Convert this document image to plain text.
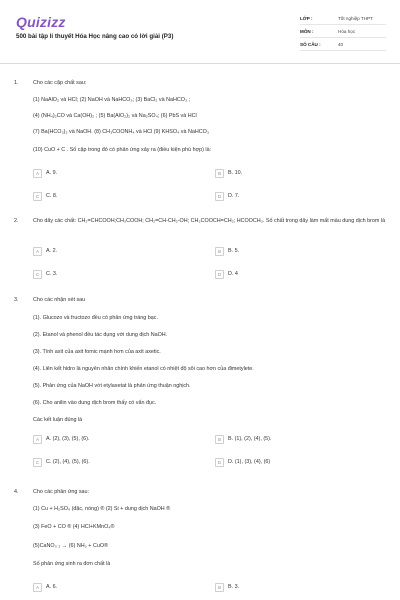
Quizizz
500 bài tập lí thuyết Hóa Học nâng cao có lời giải (P3)
LỚP :	Tốt nghiệp THPT
MÔN :	Hóa học
SỐ CÂU :	40
1.	Cho các cặp chất sau:
(1) NaAlO₂ và HCl; (2) NaOH và NaHCO₃; (3) BaCl₂ và NaHCO₃ ;
(4) (NH₄)₂CO và Ca(OH)₂ ; (5) Ba(AlO₂)₂ và Na₂SO₄; (6) PbS và HCl
(7) Ba(HCO₃)₂ và NaOH. (8) CH₃COONH₄ và HCl (9) KHSO₄ và NaHCO₃
(10) CuO + C . Số cặp trong đó có phản ứng xảy ra (điều kiện phù hợp) là:
A	A. 9.	B	B. 10.
C	C. 8.	D	D. 7.
2.	Cho dãy các chất: CH₂=CHCOOH;CH₃COOH; CH₂=CH-CH₂-OH; CH₃COOCH=CH₂; HCOOCH₃. Số chất trong dãy làm mất màu dung dịch brom là
A	A. 2.	B	B. 5.
C	C. 3.	D	D. 4
3.	Cho các nhận xét sau
(1). Glucozo và fructozo đều có phản ứng tráng bạc.
(2). Etanol và phenol đều tác dụng với dung dịch NaOH.
(3). Tính axit của axit fomic mạnh hơn của axit axetic.
(4). Liên kết hidro là nguyên nhân chính khiến etanol có nhiệt độ sôi cao hơn của đimetylete.
(5). Phản ứng của NaOH với etylaxetat là phản ứng thuận nghịch.
(6). Cho anilin vào dung dịch brom thấy có vẩn đục.
Các kết luận đúng là
A	A. (2), (3), (5), (6).	B	B. (1), (2), (4), (5).
C	C. (2), (4), (5), (6).	D	D. (1), (3), (4), (6)
4.	Cho các phản ứng sau:
(1) Cu + H₂SO₄ (đặc, nóng) ® (2) Si + dung dịch NaOH ®
(3) FeO + CO ® (4) HCl+KMnO₄®
(5)CaNO₃ ₂ → (6) NH₃ + CuO®
Số phản ứng sinh ra đơn chất là
A	A. 6.	B	B. 3.
